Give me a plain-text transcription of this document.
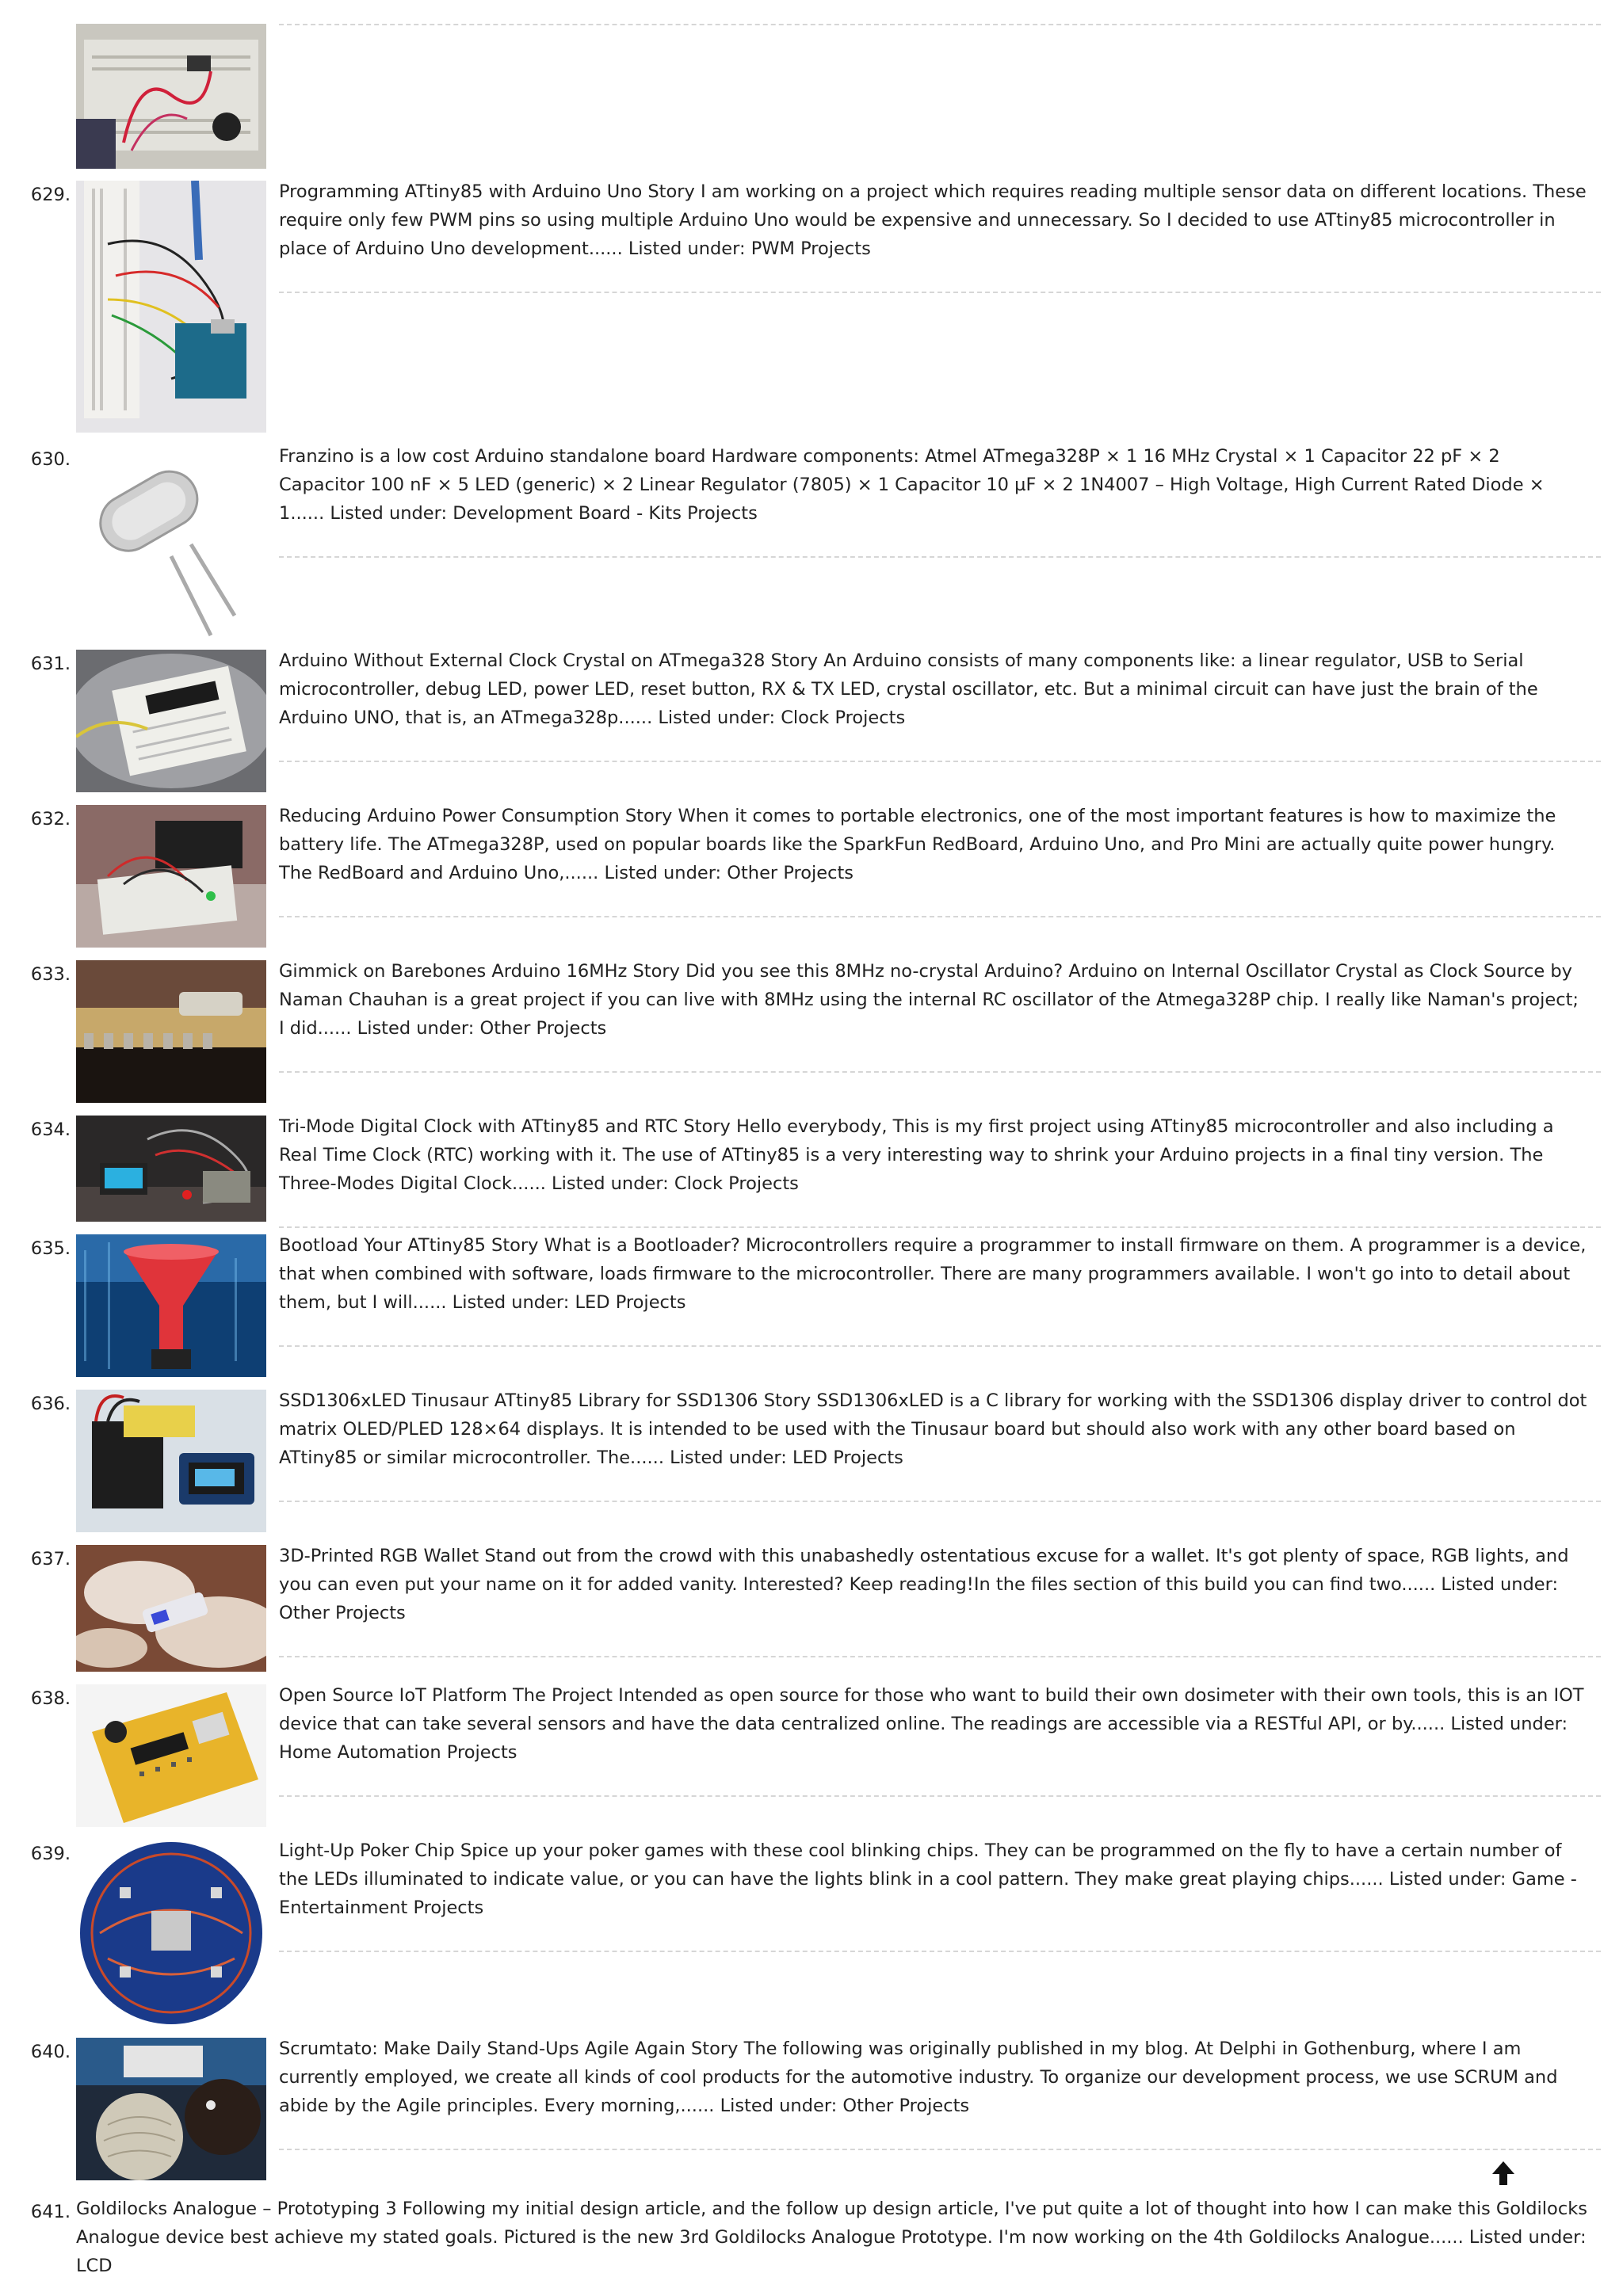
629.	Programming ATtiny85 with Arduino Uno Story I am working on a project which requires reading multiple sensor data on different locations. These require only few PWM pins so using multiple Arduino Uno would be expensive and unnecessary. So I decided to use ATtiny85 microcontroller in place of Arduino Uno development...... Listed under: PWM Projects
630.	Franzino is a low cost Arduino standalone board Hardware components: Atmel ATmega328P × 1 16 MHz Crystal × 1 Capacitor 22 pF × 2 Capacitor 100 nF × 5 LED (generic) × 2 Linear Regulator (7805) × 1 Capacitor 10 µF × 2 1N4007 – High Voltage, High Current Rated Diode × 1...... Listed under: Development Board - Kits Projects
631.	Arduino Without External Clock Crystal on ATmega328 Story An Arduino consists of many components like: a linear regulator, USB to Serial microcontroller, debug LED, power LED, reset button, RX & TX LED, crystal oscillator, etc. But a minimal circuit can have just the brain of the Arduino UNO, that is, an ATmega328p...... Listed under: Clock Projects
632.	Reducing Arduino Power Consumption Story When it comes to portable electronics, one of the most important features is how to maximize the battery life. The ATmega328P, used on popular boards like the SparkFun RedBoard, Arduino Uno, and Pro Mini are actually quite power hungry. The RedBoard and Arduino Uno,...... Listed under: Other Projects
633.	Gimmick on Barebones Arduino 16MHz Story Did you see this 8MHz no-crystal Arduino? Arduino on Internal Oscillator Crystal as Clock Source by Naman Chauhan is a great project if you can live with 8MHz using the internal RC oscillator of the Atmega328P chip. I really like Naman's project; I did...... Listed under: Other Projects
634.	Tri-Mode Digital Clock with ATtiny85 and RTC Story Hello everybody, This is my first project using ATtiny85 microcontroller and also including a Real Time Clock (RTC) working with it. The use of ATtiny85 is a very interesting way to shrink your Arduino projects in a final tiny version. The Three-Modes Digital Clock...... Listed under: Clock Projects
635.	Bootload Your ATtiny85 Story What is a Bootloader? Microcontrollers require a programmer to install firmware on them. A programmer is a device, that when combined with software, loads firmware to the microcontroller. There are many programmers available. I won't go into to detail about them, but I will...... Listed under: LED Projects
636.	SSD1306xLED Tinusaur ATtiny85 Library for SSD1306 Story SSD1306xLED is a C library for working with the SSD1306 display driver to control dot matrix OLED/PLED 128×64 displays. It is intended to be used with the Tinusaur board but should also work with any other board based on ATtiny85 or similar microcontroller. The...... Listed under: LED Projects
637.	3D-Printed RGB Wallet Stand out from the crowd with this unabashedly ostentatious excuse for a wallet. It's got plenty of space, RGB lights, and you can even put your name on it for added vanity. Interested? Keep reading!In the files section of this build you can find two...... Listed under: Other Projects
638.	Open Source IoT Platform The Project Intended as open source for those who want to build their own dosimeter with their own tools, this is an IOT device that can take several sensors and have the data centralized online. The readings are accessible via a RESTful API, or by...... Listed under: Home Automation Projects
639.	Light-Up Poker Chip Spice up your poker games with these cool blinking chips. They can be programmed on the fly to have a certain number of the LEDs illuminated to indicate value, or you can have the lights blink in a cool pattern. They make great playing chips...... Listed under: Game - Entertainment Projects
640.	Scrumtato: Make Daily Stand-Ups Agile Again Story The following was originally published in my blog. At Delphi in Gothenburg, where I am currently employed, we create all kinds of cool products for the automotive industry. To organize our development process, we use SCRUM and abide by the Agile principles. Every morning,...... Listed under: Other Projects
641. Goldilocks Analogue – Prototyping 3 Following my initial design article, and the follow up design article, I've put quite a lot of thought into how I can make this Goldilocks Analogue device best achieve my stated goals. Pictured is the new 3rd Goldilocks Analogue Prototype. I'm now working on the 4th Goldilocks Analogue...... Listed under: LCD
